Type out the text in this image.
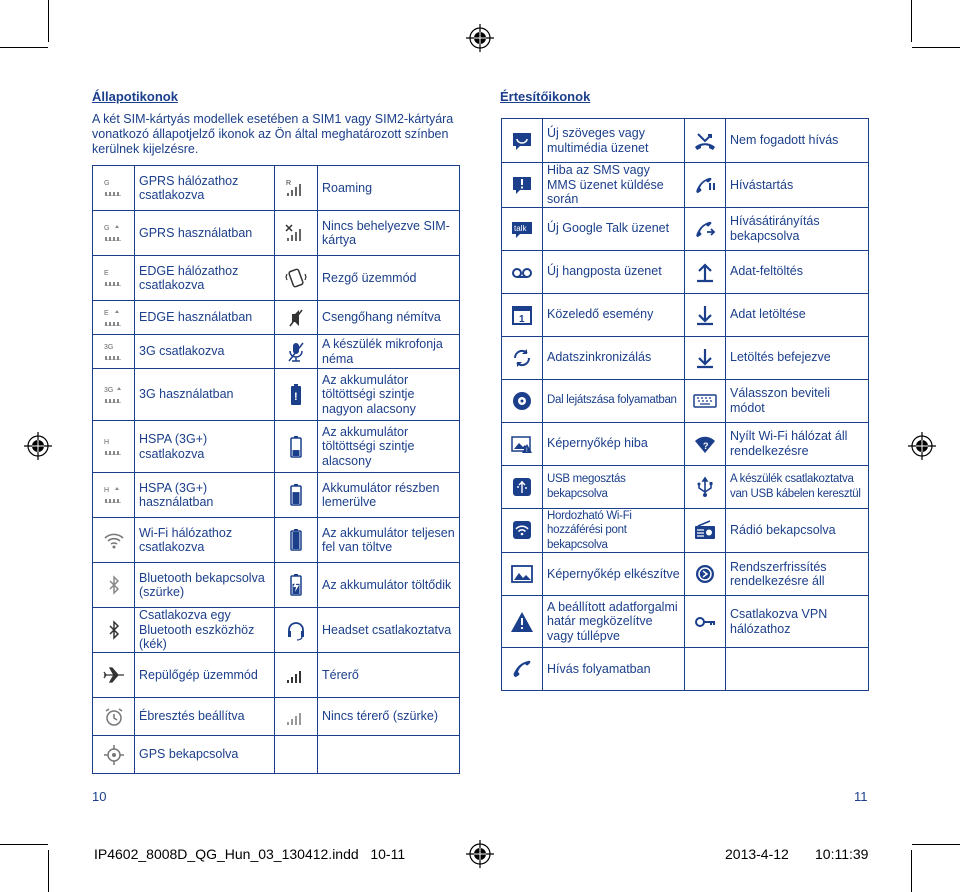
Állapotikonok
A két SIM-kártyás modellek esetében a SIM1 vagy SIM2-kártyára vonatkozó állapotjelző ikonok az Ön által meghatározott színben kerülnek kijelzésre.
G	GPRS hálózathoz csatlakozva	R	Roaming

G	GPRS használatban		Nincs behelyezve SIM-kártya

E	EDGE hálózathoz csatlakozva		Rezgő üzemmód

E	EDGE használatban		Csengőhang némítva

3G	3G csatlakozva		A készülék mikrofonja néma

3G	3G használatban	!	Az akkumulátor töltöttségi szintje nagyon alacsony

H	HSPA (3G+) csatlakozva		Az akkumulátor töltöttségi szintje alacsony

H	HSPA (3G+) használatban		Akkumulátor részben lemerülve

	Wi-Fi hálózathoz csatlakozva		Az akkumulátor teljesen fel van töltve

	Bluetooth bekapcsolva (szürke)		Az akkumulátor töltődik

	Csatlakozva egy Bluetooth eszközhöz (kék)		Headset csatlakoztatva

	Repülőgép üzemmód		Térerő

	Ébresztés beállítva		Nincs térerő (szürke)

	GPS bekapcsolva		
Értesítőikonok
	Új szöveges vagy multimédia üzenet		Nem fogadott hívás

	Hiba az SMS vagy MMS üzenet küldése során		Hívástartás

talk	Új Google Talk üzenet		Hívásátirányítás bekapcsolva

	Új hangposta üzenet		Adat-feltöltés

1	Közeledő esemény		Adat letöltése

	Adatszinkronizálás		Letöltés befejezve

	Dal lejátszása folyamatban		Válasszon beviteli módot

!	Képernyőkép hiba	?	Nyílt Wi-Fi hálózat áll rendelkezésre

	USB megosztás bekapcsolva		A készülék csatlakoztatva van USB kábelen keresztül

	Hordozható Wi-Fi hozzáférési pont bekapcsolva		Rádió bekapcsolva

	Képernyőkép elkészítve		Rendszerfrissítés rendelkezésre áll

	A beállított adatforgalmi határ megközelítve vagy túllépve		Csatlakozva VPN hálózathoz

	Hívás folyamatban		
10	11
IP4602_8008D_QG_Hun_03_130412.indd   10-11	2013-4-12 10:11:39
